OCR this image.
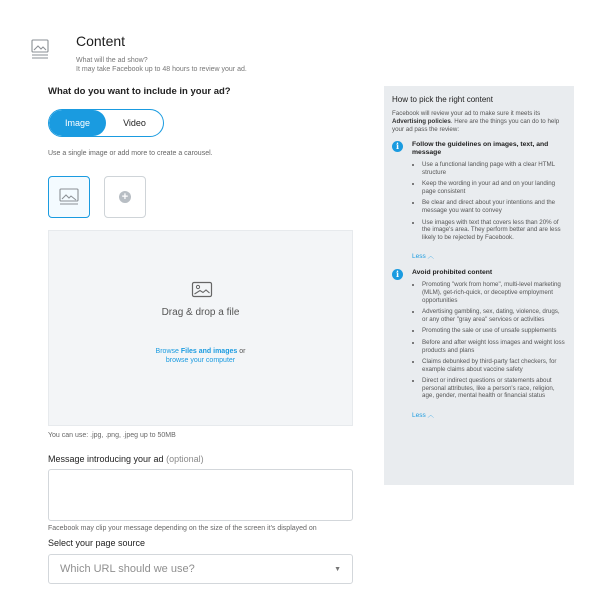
Content
What will the ad show?
It may take Facebook up to 48 hours to review your ad.
What do you want to include in your ad?
Image	Video
Use a single image or add more to create a carousel.
+
Drag & drop a file
Browse Files and images or
browse your computer
You can use: .jpg, .png, .jpeg up to 50MB
Message introducing your ad (optional)
Facebook may clip your message depending on the size of the screen it's displayed on
Select your page source
Which URL should we use?	▼
How to pick the right content
Facebook will review your ad to make sure it meets its Advertising policies. Here are the things you can do to help your ad pass the review:
i	Follow the guidelines on images, text, and message
• Use a functional landing page with a clear HTML structure
• Keep the wording in your ad and on your landing page consistent
• Be clear and direct about your intentions and the message you want to convey
• Use images with text that covers less than 20% of the image's area. They perform better and are less likely to be rejected by Facebook.
Less ︿
i	Avoid prohibited content
• Promoting "work from home", multi-level marketing (MLM), get-rich-quick, or deceptive employment opportunities
• Advertising gambling, sex, dating, violence, drugs, or any other "gray area" services or activities
• Promoting the sale or use of unsafe supplements
• Before and after weight loss images and weight loss products and plans
• Claims debunked by third-party fact checkers, for example claims about vaccine safety
• Direct or indirect questions or statements about personal attributes, like a person's race, religion, age, gender, mental health or financial status
Less ︿
